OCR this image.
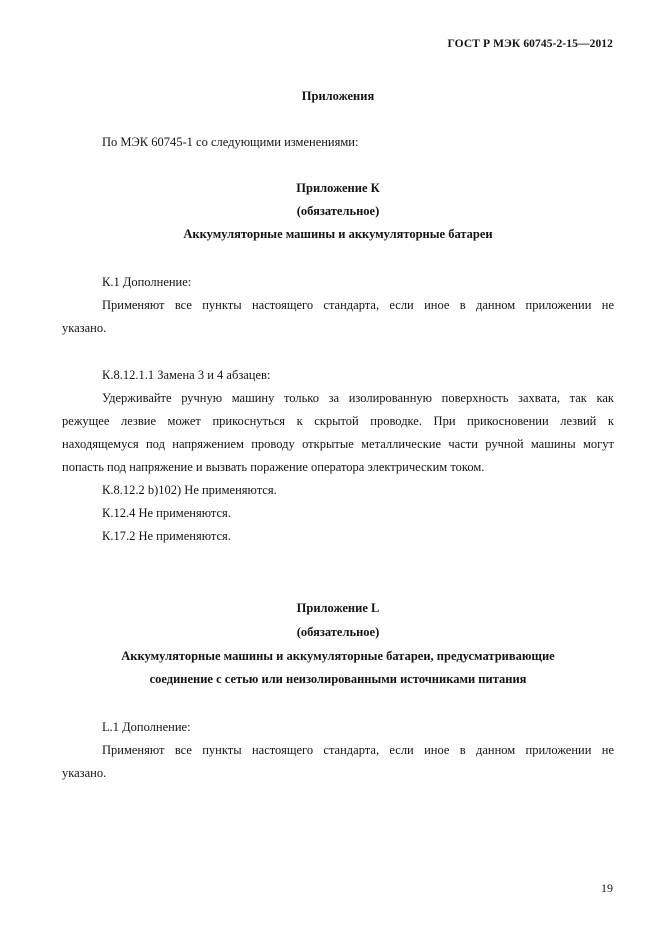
ГОСТ Р МЭК 60745-2-15—2012
Приложения
По МЭК 60745-1 со следующими изменениями:
Приложение К
(обязательное)
Аккумуляторные машины и аккумуляторные батареи
К.1 Дополнение:
Применяют все пункты настоящего стандарта, если иное в данном приложении не
указано.
К.8.12.1.1 Замена 3 и 4 абзацев:
Удерживайте ручную машину только за изолированную поверхность захвата, так как
режущее лезвие может прикоснуться к скрытой проводке. При прикосновении лезвий к
находящемуся под напряжением проводу открытые металлические части ручной машины могут
попасть под напряжение и вызвать поражение оператора электрическим током.
К.8.12.2 b)102) Не применяются.
К.12.4 Не применяются.
К.17.2 Не применяются.
Приложение L
(обязательное)
Аккумуляторные машины и аккумуляторные батареи, предусматривающие
соединение с сетью или неизолированными источниками питания
L.1 Дополнение:
Применяют все пункты настоящего стандарта, если иное в данном приложении не
указано.
19
